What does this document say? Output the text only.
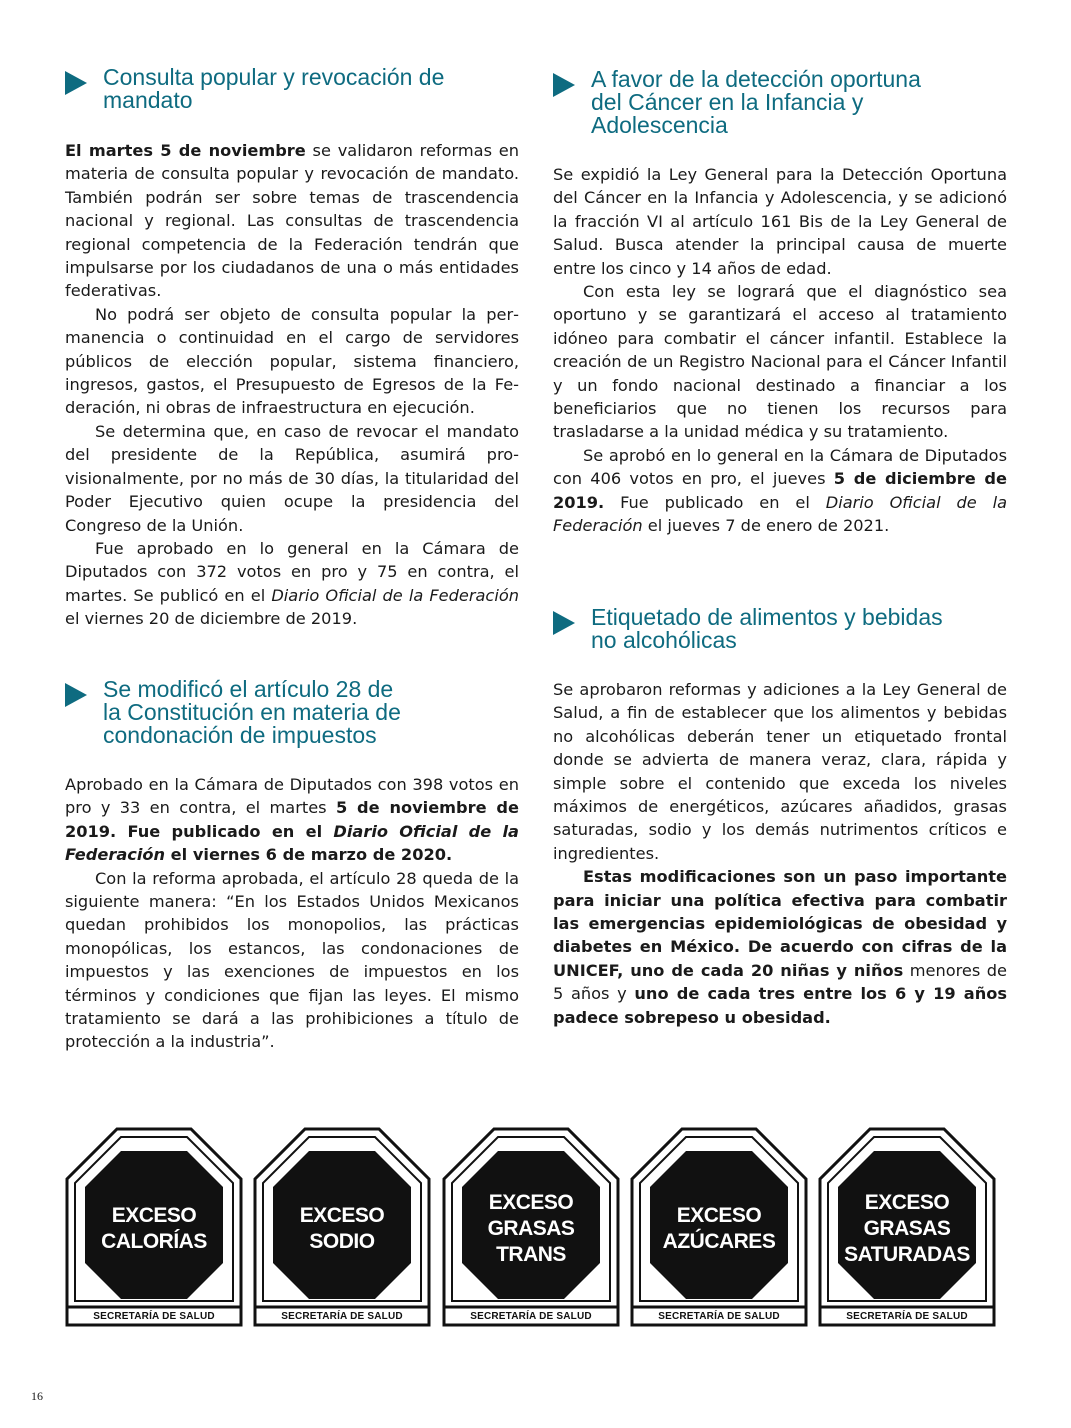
Consulta popular y revocación de
mandato

El martes 5 de noviembre se validaron reformas en materia de consulta popular y revocación de mandato. También podrán ser sobre temas de trascendencia nacional y regional. Las consultas de trascendencia regional competencia de la Federación tendrán que impulsarse por los ciudadanos de una o más entidades federativas.

No podrá ser objeto de consulta popular la permanencia o continuidad en el cargo de servidores públicos de elección popular, sistema financiero, ingresos, gastos, el Presupuesto de Egresos de la Federación, ni obras de infraestructura en ejecución.

Se determina que, en caso de revocar el mandato del presidente de la República, asumirá provisionalmente, por no más de 30 días, la titularidad del Poder Ejecutivo quien ocupe la presidencia del Congreso de la Unión.

Fue aprobado en lo general en la Cámara de Diputados con 372 votos en pro y 75 en contra, el martes. Se publicó en el Diario Oficial de la Federación el viernes 20 de diciembre de 2019.

Se modificó el artículo 28 de
la Constitución en materia de
condonación de impuestos

Aprobado en la Cámara de Diputados con 398 votos en pro y 33 en contra, el martes 5 de noviembre de 2019. Fue publicado en el Diario Oficial de la Federación el viernes 6 de marzo de 2020.

Con la reforma aprobada, el artículo 28 queda de la siguiente manera: “En los Estados Unidos Mexicanos quedan prohibidos los monopolios, las prácticas monopólicas, los estancos, las condonaciones de impuestos y las exenciones de impuestos en los términos y condiciones que fijan las leyes. El mismo tratamiento se dará a las prohibiciones a título de protección a la industria”.

A favor de la detección oportuna
del Cáncer en la Infancia y
Adolescencia

Se expidió la Ley General para la Detección Oportuna del Cáncer en la Infancia y Adolescencia, y se adicionó la fracción VI al artículo 161 Bis de la Ley General de Salud. Busca atender la principal causa de muerte entre los cinco y 14 años de edad.

Con esta ley se logrará que el diagnóstico sea oportuno y se garantizará el acceso al tratamiento idóneo para combatir el cáncer infantil. Establece la creación de un Registro Nacional para el Cáncer Infantil y un fondo nacional destinado a financiar a los beneficiarios que no tienen los recursos para trasladarse a la unidad médica y su tratamiento.

Se aprobó en lo general en la Cámara de Diputados con 406 votos en pro, el jueves 5 de diciembre de 2019. Fue publicado en el Diario Oficial de la Federación el jueves 7 de enero de 2021.

Etiquetado de alimentos y bebidas
no alcohólicas

Se aprobaron reformas y adiciones a la Ley General de Salud, a fin de establecer que los alimentos y bebidas no alcohólicas deberán tener un etiquetado frontal donde se advierta de manera veraz, clara, rápida y simple sobre el contenido que exceda los niveles máximos de energéticos, azúcares añadidos, grasas saturadas, sodio y los demás nutrimentos críticos e ingredientes.

Estas modificaciones son un paso importante para iniciar una política efectiva para combatir las emergencias epidemiológicas de obesidad y diabetes en México. De acuerdo con cifras de la UNICEF, uno de cada 20 niñas y niños menores de 5 años y uno de cada tres entre los 6 y 19 años padece sobrepeso u obesidad.

EXCESO
CALORÍAS
SECRETARÍA DE SALUD
EXCESO
SODIO
SECRETARÍA DE SALUD
EXCESO
GRASAS
TRANS
SECRETARÍA DE SALUD
EXCESO
AZÚCARES
SECRETARÍA DE SALUD
EXCESO
GRASAS
SATURADAS
SECRETARÍA DE SALUD
16
